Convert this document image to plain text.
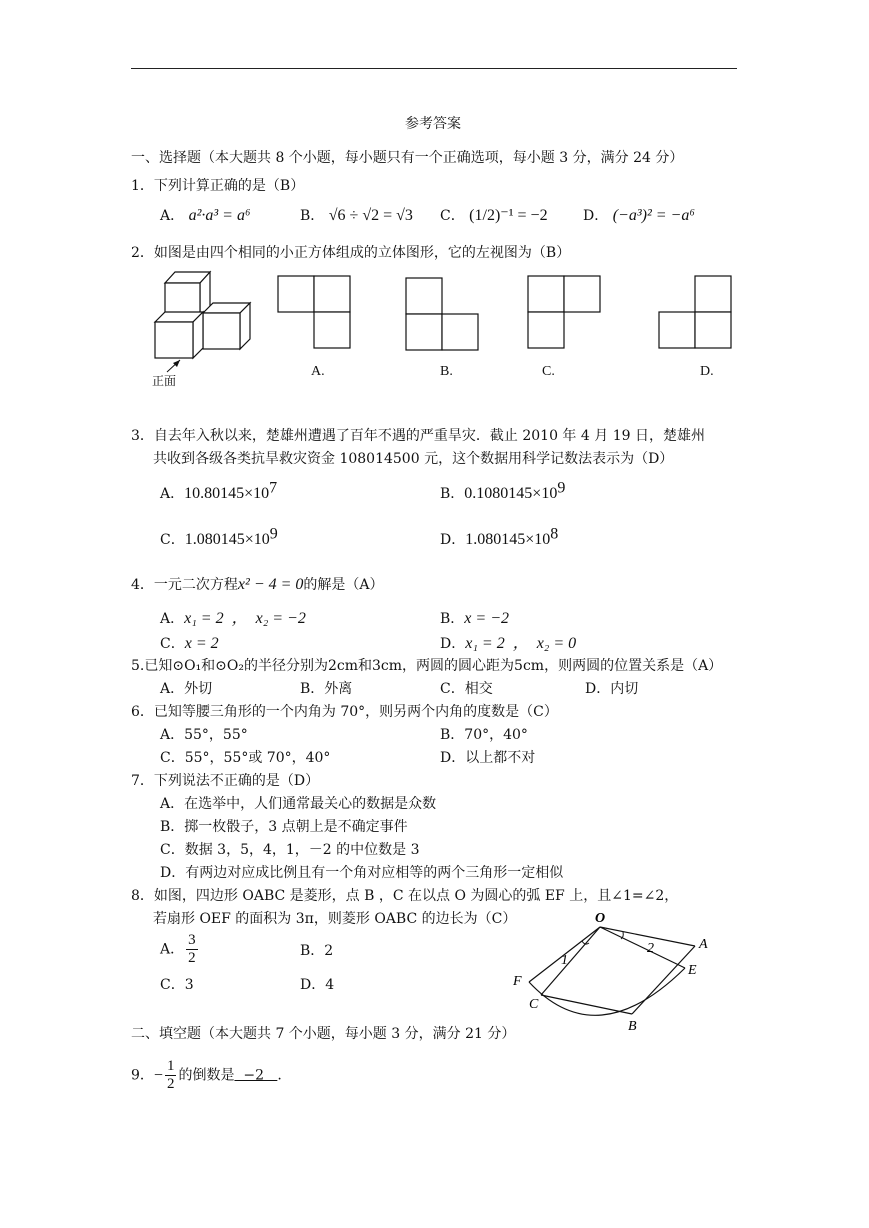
参考答案
一、选择题（本大题共 8 个小题，每小题只有一个正确选项，每小题 3 分，满分 24 分）
1．下列计算正确的是（B）
A． a²·a³ = a⁶	B． √6 ÷ √2 = √3 C． (1/2)⁻¹ = −2	D． (−a³)² = −a⁶
2．如图是由四个相同的小正方体组成的立体图形，它的左视图为（B）
正面
A.	B.	C.	D.
3．自去年入秋以来，楚雄州遭遇了百年不遇的严重旱灾．截止 2010 年 4 月 19 日，楚雄州
共收到各级各类抗旱救灾资金 108014500 元，这个数据用科学记数法表示为（D）
A．$10.80145\times 10^7$	B．$0.1080145\times 10^9$
C．$1.080145\times 10^9$	D．$1.080145\times 10^8$
4．一元二次方程x² − 4 = 0的解是（A）
A．x₁ = 2  ，  x₂ = −2	B．x = −2
C．x = 2	D．x₁ = 2  ，  x₂ = 0
5.已知⊙O₁和⊙O₂的半径分别为2cm和3cm，两圆的圆心距为5cm，则两圆的位置关系是（A）
A．外切	B．外离	C．相交	D．内切
6．已知等腰三角形的一个内角为 70°，则另两个内角的度数是（C）
A．55°，55°	B．70°，40°
C．55°，55°或 70°，40°	D．以上都不对
7．下列说法不正确的是（D）
A．在选举中，人们通常最关心的数据是众数
B．掷一枚骰子，3 点朝上是不确定事件
C．数据 3，5，4，1，－2 的中位数是 3
D．有两边对应成比例且有一个角对应相等的两个三角形一定相似
8．如图，四边形 OABC 是菱形，点 B ，C 在以点 O 为圆心的弧 EF 上，且∠1=∠2，
若扇形 OEF 的面积为 3π，则菱形 OABC 的边长为（C）
A． $\frac{3}{2}$	B．2
C．3	D．4
O
A
E
F
C
B
1
2
二、填空题（本大题共 7 个小题，每小题 3 分，满分 21 分）
9．− $\frac{1}{2}$ 的倒数是  −2   .
